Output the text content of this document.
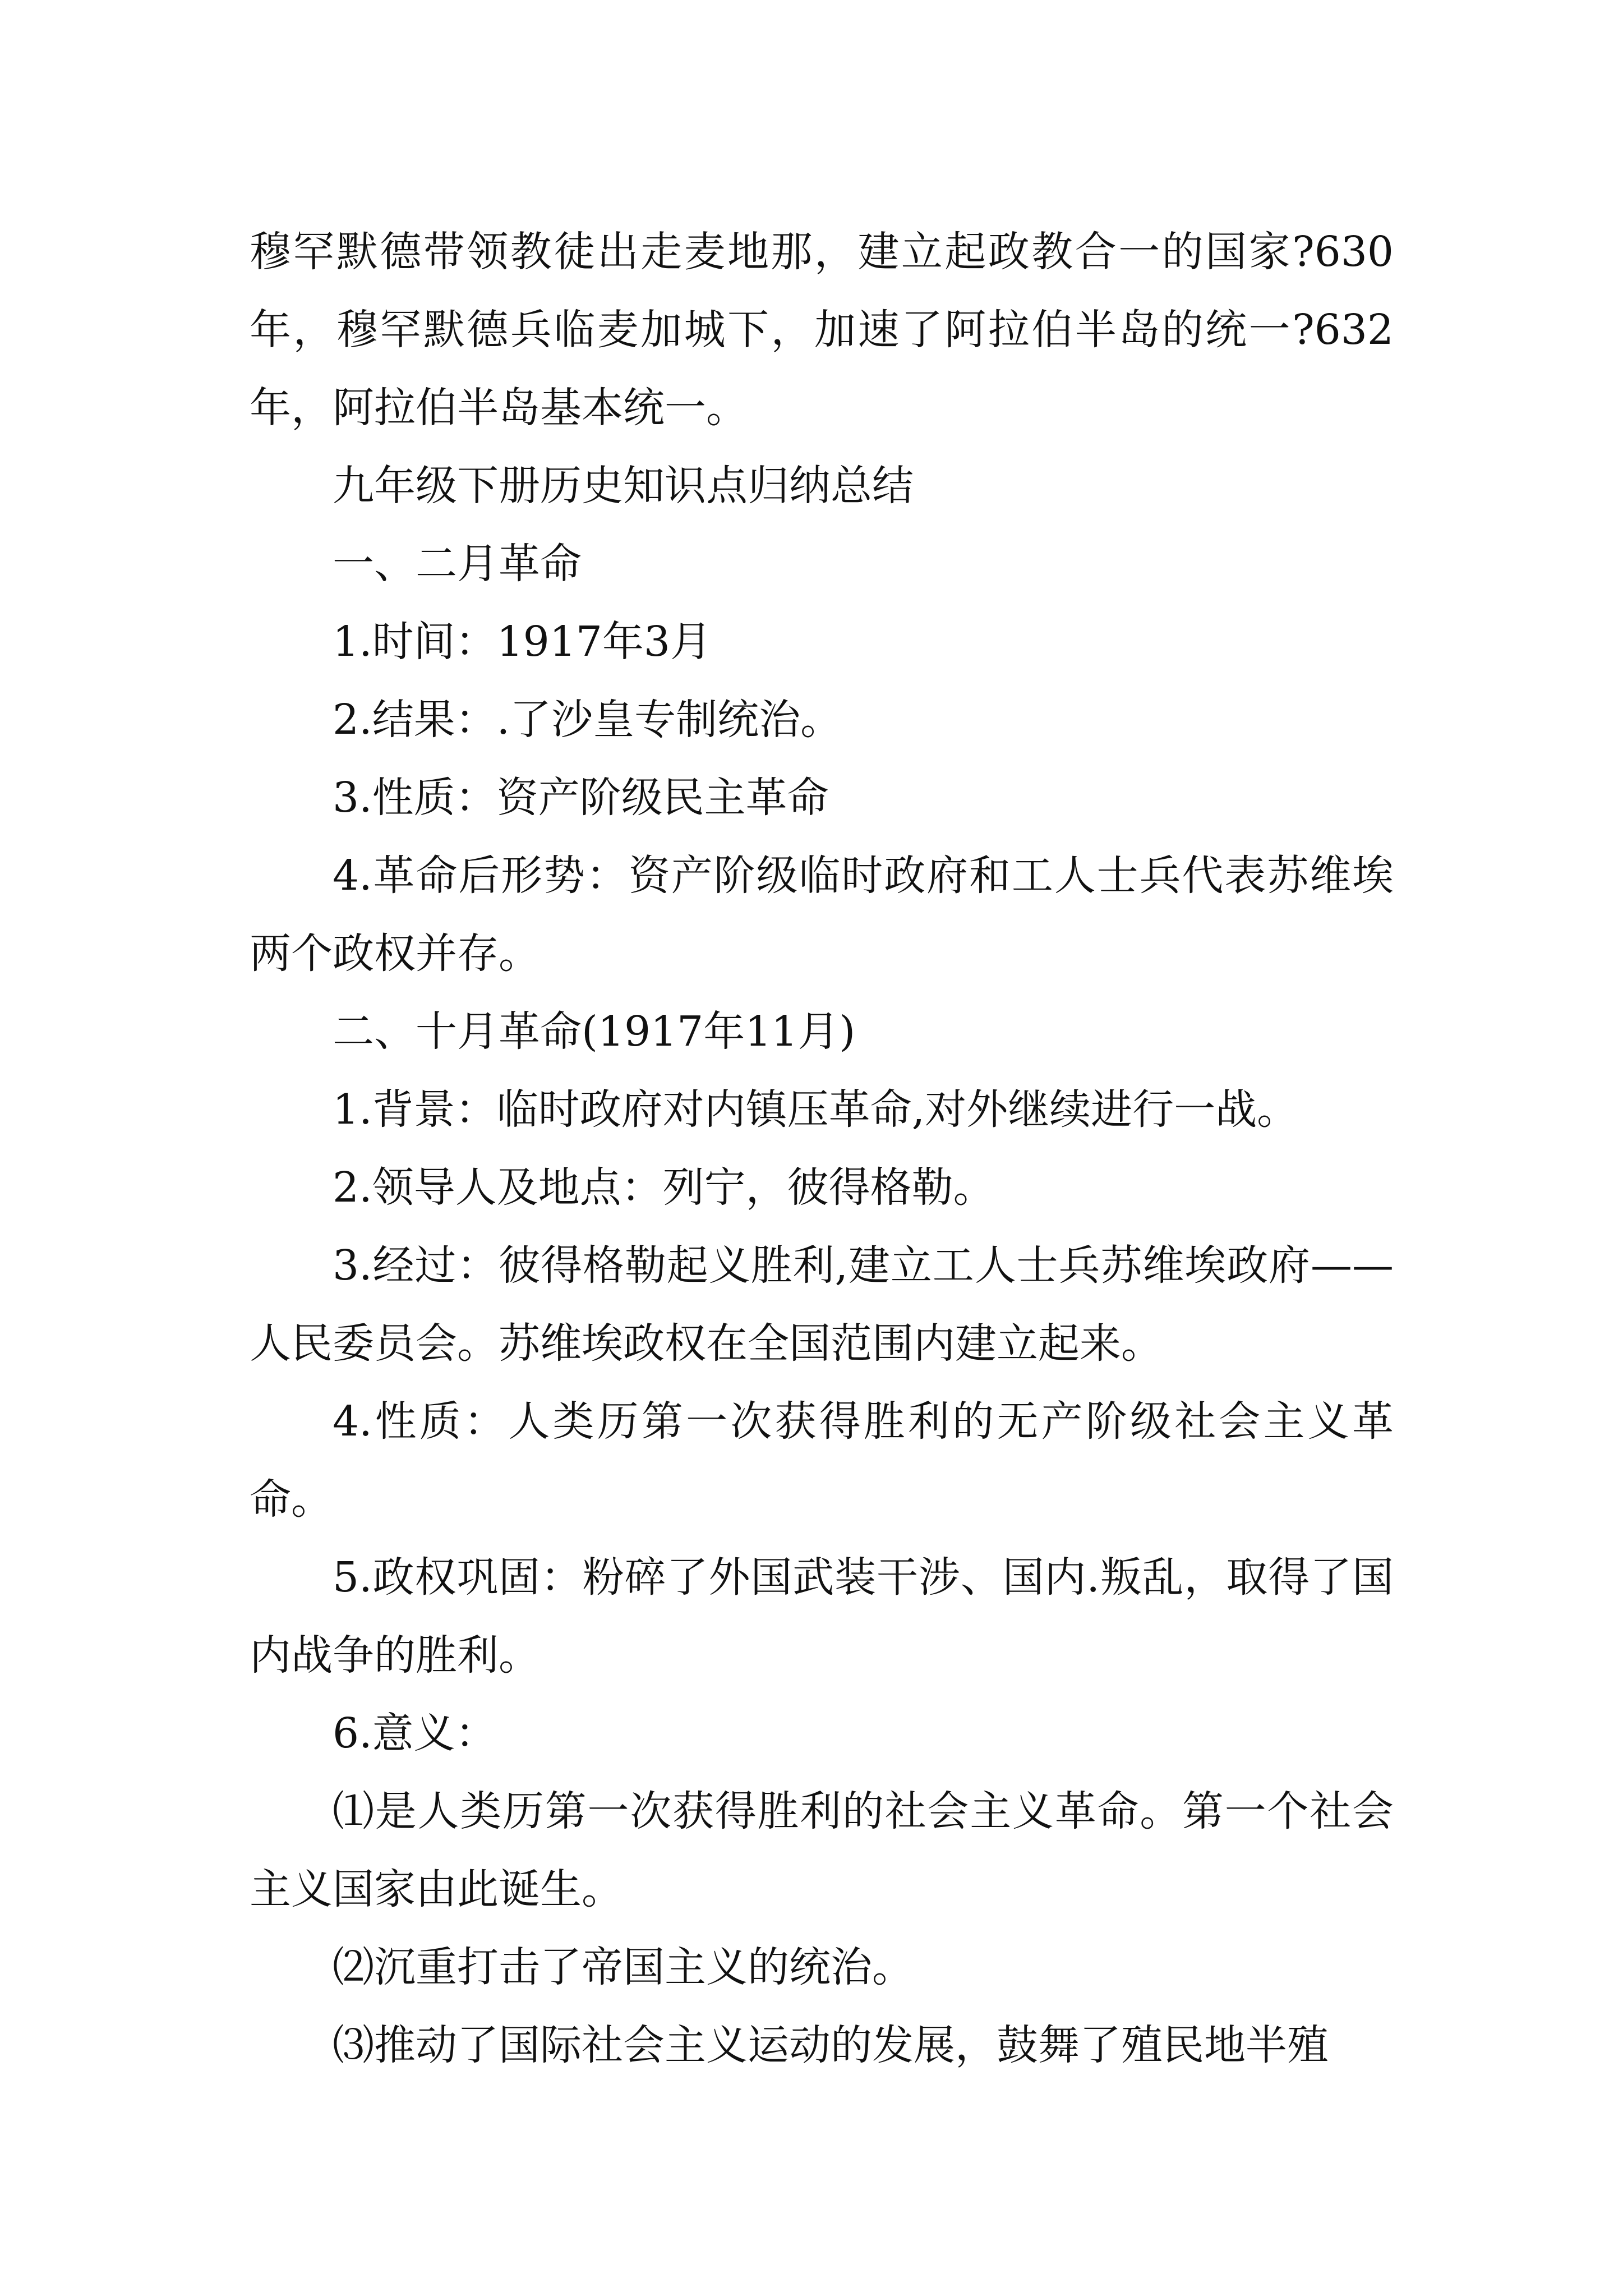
穆罕默德带领教徒出走麦地那，建立起政教合一的国家?630年，穆罕默德兵临麦加城下，加速了阿拉伯半岛的统一?632年，阿拉伯半岛基本统一。

九年级下册历史知识点归纳总结

一、二月革命

1.时间：1917年3月

2.结果：.了沙皇专制统治。

3.性质：资产阶级民主革命

4.革命后形势：资产阶级临时政府和工人士兵代表苏维埃两个政权并存。

二、十月革命(1917年11月)

1.背景：临时政府对内镇压革命,对外继续进行一战。

2.领导人及地点：列宁，彼得格勒。

3.经过：彼得格勒起义胜利,建立工人士兵苏维埃政府——人民委员会。苏维埃政权在全国范围内建立起来。

4.性质：人类历第一次获得胜利的无产阶级社会主义革命。

5.政权巩固：粉碎了外国武装干涉、国内.叛乱，取得了国内战争的胜利。

6.意义：

⑴是人类历第一次获得胜利的社会主义革命。第一个社会主义国家由此诞生。

⑵沉重打击了帝国主义的统治。

⑶推动了国际社会主义运动的发展，鼓舞了殖民地半殖
